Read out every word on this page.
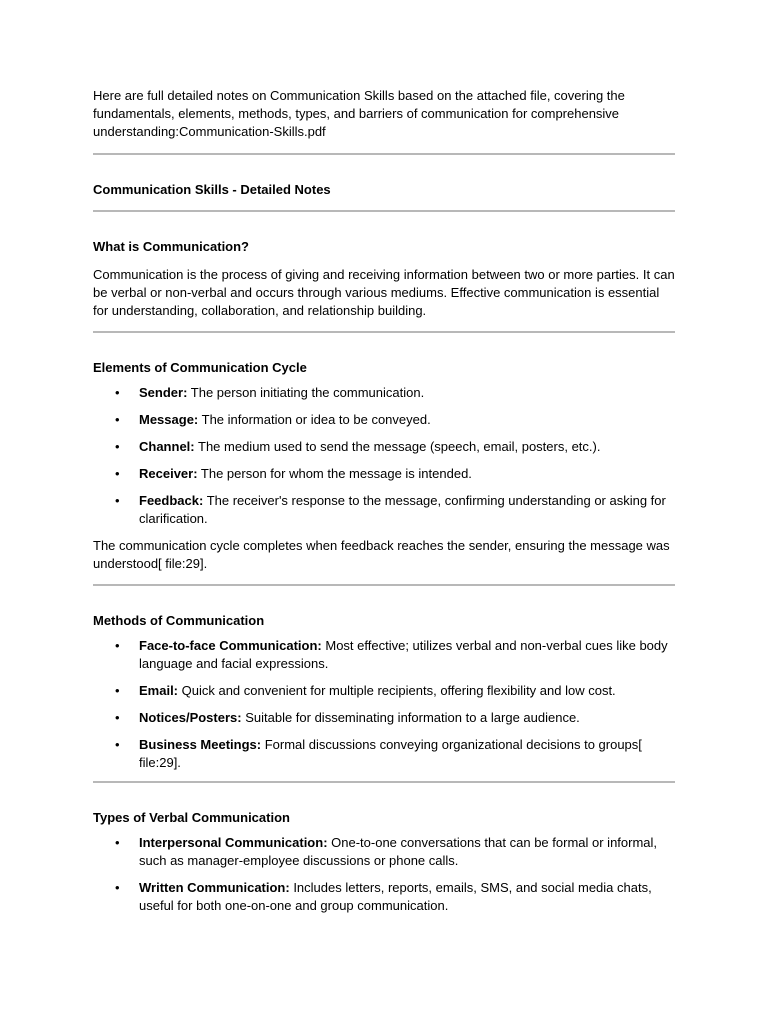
Here are full detailed notes on Communication Skills based on the attached file, covering the fundamentals, elements, methods, types, and barriers of communication for comprehensive understanding:Communication-Skills.pdf

Communication Skills - Detailed Notes
What is Communication?

Communication is the process of giving and receiving information between two or more parties. It can be verbal or non-verbal and occurs through various mediums. Effective communication is essential for understanding, collaboration, and relationship building.

Elements of Communication Cycle
• Sender: The person initiating the communication.
• Message: The information or idea to be conveyed.
• Channel: The medium used to send the message (speech, email, posters, etc.).
• Receiver: The person for whom the message is intended.
• Feedback: The receiver's response to the message, confirming understanding or asking for clarification.

The communication cycle completes when feedback reaches the sender, ensuring the message was understood[ file:29].

Methods of Communication
• Face-to-face Communication: Most effective; utilizes verbal and non-verbal cues like body language and facial expressions.
• Email: Quick and convenient for multiple recipients, offering flexibility and low cost.
• Notices/Posters: Suitable for disseminating information to a large audience.
• Business Meetings: Formal discussions conveying organizational decisions to groups[ file:29].
Types of Verbal Communication
• Interpersonal Communication: One-to-one conversations that can be formal or informal, such as manager-employee discussions or phone calls.
• Written Communication: Includes letters, reports, emails, SMS, and social media chats, useful for both one-on-one and group communication.
